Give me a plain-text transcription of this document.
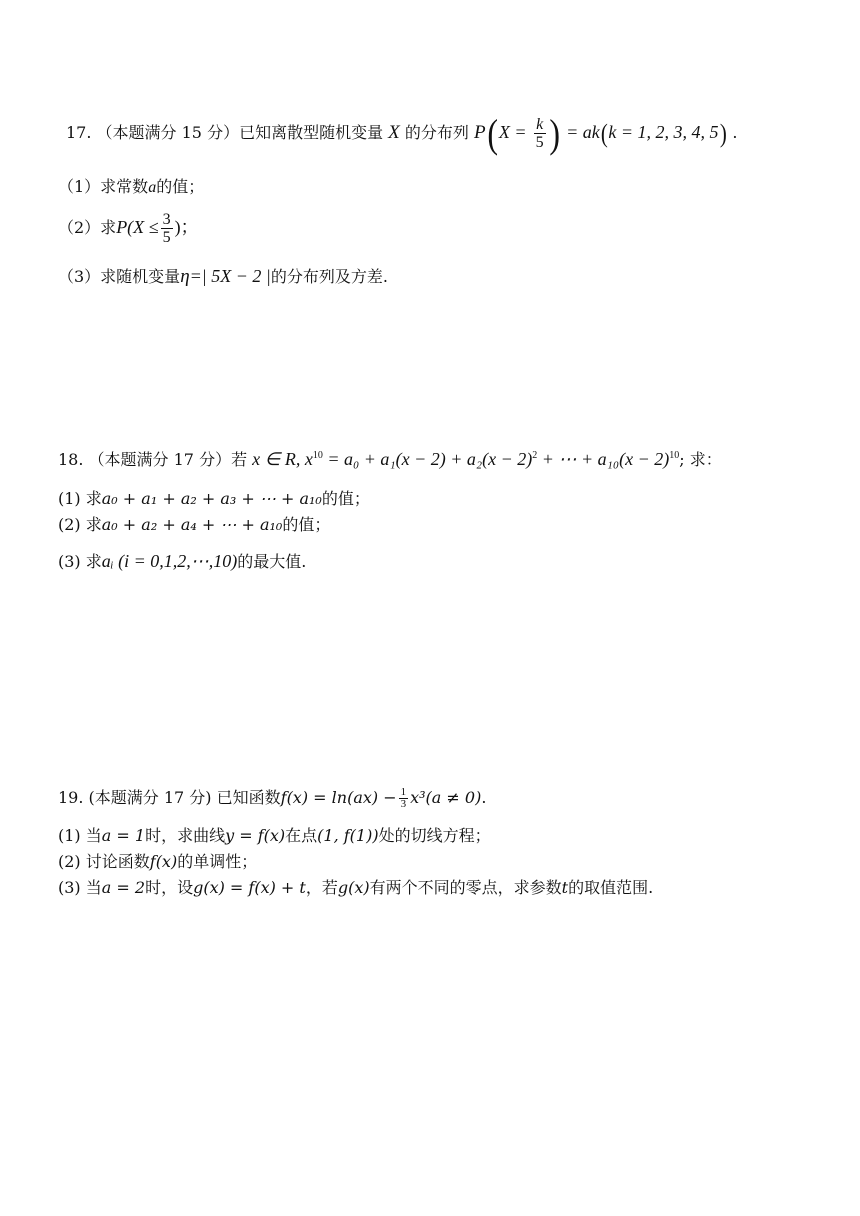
17. （本题满分 15 分）已知离散型随机变量 X 的分布列 $P(X = \frac{k}{5}$ ) = ak(k = 1, 2, 3, 4, 5) .
（1）求常数a的值；
（2）求$P(X \le \frac{3}{5}$ )；
（3）求随机变量η=| 5X − 2 |的分布列及方差.
18. （本题满分 17 分）若 x ∈ R, $x^{10} = a_0 + a_1(x - 2) + a_2(x - 2)^2$ + ⋯ + $a_{10}(x - 2)^{10}$; 求：
(1) 求a₀ + a₁ + a₂ + a₃ + ⋯ + a₁₀的值；
(2) 求a₀ + a₂ + a₄ + ⋯ + a₁₀的值；
(3) 求aᵢ (i = 0,1,2,⋯,10)的最大值.
19. (本题满分 17 分) 已知函数$f(x) = \ln(ax) - \frac{1}{3} x^3(a \ne 0)$.
(1) 当a = 1时，求曲线y = f(x)在点(1, f(1))处的切线方程；
(2) 讨论函数f(x)的单调性；
(3) 当a = 2时，设g(x) = f(x) + t，若g(x)有两个不同的零点，求参数t的取值范围.
